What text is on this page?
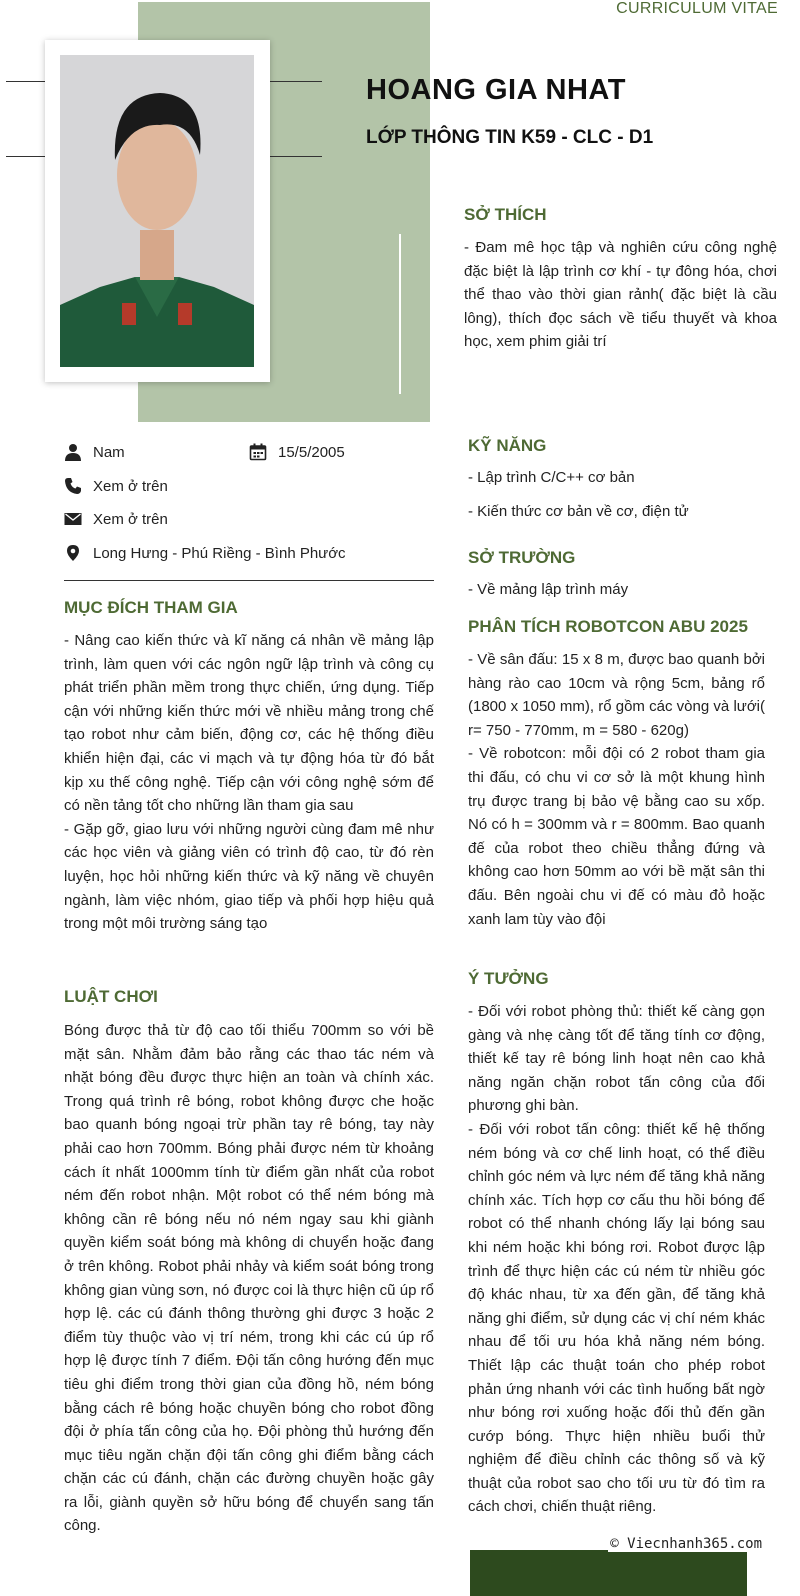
CURRICULUM VITAE
HOANG GIA NHAT
LỚP THÔNG TIN K59 - CLC - D1
SỞ THÍCH

- Đam mê học tập và nghiên cứu công nghệ đặc biệt là lập trình cơ khí - tự đông hóa, chơi thể thao vào thời gian rảnh( đặc biệt là cầu lông), thích đọc sách về tiểu thuyết và khoa học, xem phim giải trí

Nam	15/5/2005
Xem ở trên
Xem ở trên
Long Hưng - Phú Riềng - Bình Phước
MỤC ĐÍCH THAM GIA

- Nâng cao kiến thức và kĩ năng cá nhân về mảng lập trình, làm quen với các ngôn ngữ lập trình và công cụ phát triển phần mềm trong thực chiến, ứng dụng. Tiếp cận với những kiến thức mới về nhiều mảng trong chế tạo robot như cảm biến, động cơ, các hệ thống điều khiển hiện đại, các vi mạch và tự động hóa từ đó bắt kịp xu thế công nghệ. Tiếp cận với công nghệ sớm để có nền tảng tốt cho những lần tham gia sau

- Gặp gỡ, giao lưu với những người cùng đam mê như các học viên và giảng viên có trình độ cao, từ đó rèn luyện, học hỏi những kiến thức và kỹ năng về chuyên ngành, làm việc nhóm, giao tiếp và phối hợp hiệu quả trong một môi trường sáng tạo

LUẬT CHƠI

Bóng được thả từ độ cao tối thiểu 700mm so với bề mặt sân. Nhằm đảm bảo rằng các thao tác ném và nhặt bóng đều được thực hiện an toàn và chính xác. Trong quá trình rê bóng, robot không được che hoặc bao quanh bóng ngoại trừ phần tay rê bóng, tay này phải cao hơn 700mm. Bóng phải được ném từ khoảng cách ít nhất 1000mm tính từ điểm gần nhất của robot ném đến robot nhận. Một robot có thể ném bóng mà không cần rê bóng nếu nó ném ngay sau khi giành quyền kiểm soát bóng mà không di chuyển hoặc đang ở trên không. Robot phải nhảy và kiểm soát bóng trong không gian vùng sơn, nó được coi là thực hiện cũ úp rổ hợp lệ. các cú đánh thông thường ghi được 3 hoặc 2 điểm tùy thuộc vào vị trí ném, trong khi các cú úp rổ hợp lệ được tính 7 điểm. Đội tấn công hướng đến mục tiêu ghi điểm trong thời gian của đồng hồ, ném bóng bằng cách rê bóng hoặc chuyền bóng cho robot đồng đội ở phía tấn công của họ. Đội phòng thủ hướng đến mục tiêu ngăn chặn đội tấn công ghi điểm bằng cách chặn các cú đánh, chặn các đường chuyền hoặc gây ra lỗi, giành quyền sở hữu bóng để chuyển sang tấn công.

KỸ NĂNG
- Lập trình C/C++ cơ bản
- Kiến thức cơ bản về cơ, điện tử
SỞ TRƯỜNG
- Về mảng lập trình máy
PHÂN TÍCH ROBOTCON ABU 2025

- Về sân đấu: 15 x 8 m, được bao quanh bởi hàng rào cao 10cm và rộng 5cm, bảng rổ (1800 x 1050 mm), rổ gồm các vòng và lưới( r= 750 - 770mm, m = 580 - 620g)

- Về robotcon: mỗi đội có 2 robot tham gia thi đấu, có chu vi cơ sở là một khung hình trụ được trang bị bảo vệ bằng cao su xốp. Nó có h = 300mm và r = 800mm. Bao quanh đế của robot theo chiều thẳng đứng và không cao hơn 50mm ao với bề mặt sân thi đấu. Bên ngoài chu vi đế có màu đỏ hoặc xanh lam tùy vào đội

Ý TƯỞNG

- Đối với robot phòng thủ: thiết kế càng gọn gàng và nhẹ càng tốt để tăng tính cơ động, thiết kế tay rê bóng linh hoạt nên cao khả năng ngăn chặn robot tấn công của đối phương ghi bàn.

- Đối với robot tấn công: thiết kế hệ thống ném bóng và cơ chế linh hoạt, có thể điều chỉnh góc ném và lực ném để tăng khả năng chính xác. Tích hợp cơ cấu thu hồi bóng để robot có thể nhanh chóng lấy lại bóng sau khi ném hoặc khi bóng rơi. Robot được lập trình để thực hiện các cú ném từ nhiều góc độ khác nhau, từ xa đến gần, để tăng khả năng ghi điểm, sử dụng các vị chí ném khác nhau để tối ưu hóa khả năng ném bóng. Thiết lập các thuật toán cho phép robot phản ứng nhanh với các tình huống bất ngờ như bóng rơi xuống hoặc đối thủ đến gần cướp bóng. Thực hiện nhiều buổi thử nghiệm để điều chỉnh các thông số và kỹ thuật của robot sao cho tối ưu từ đó tìm ra cách chơi, chiến thuật riêng.

© Viecnhanh365.com
